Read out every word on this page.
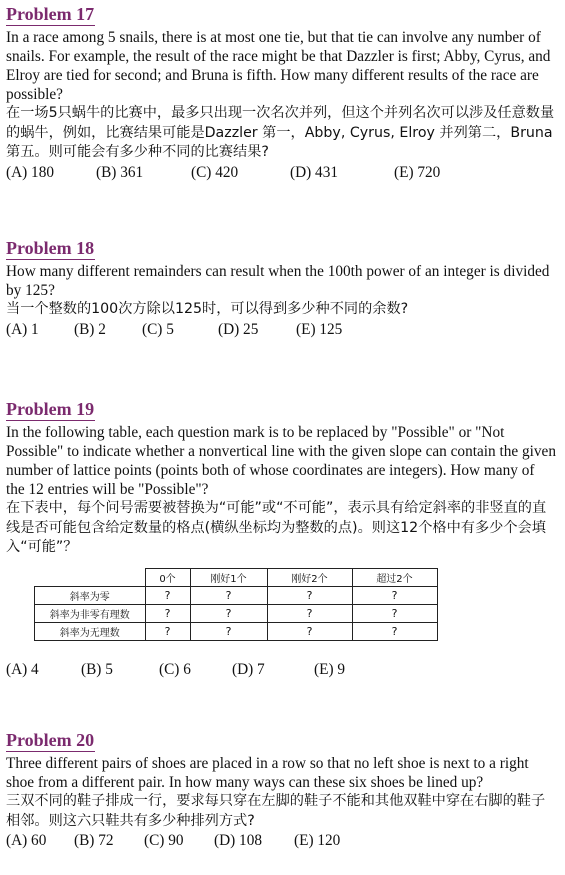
Problem 17

In a race among 5 snails, there is at most one tie, but that tie can involve any number of snails. For example, the result of the race might be that Dazzler is first; Abby, Cyrus, and Elroy are tied for second; and Bruna is fifth. How many different results of the race are possible?

在一场5只蜗牛的比赛中，最多只出现一次名次并列，但这个并列名次可以涉及任意数量的蜗牛，例如，比赛结果可能是Dazzler 第一，Abby, Cyrus, Elroy 并列第二，Bruna 第五。则可能会有多少种不同的比赛结果?

(A) 180	(B) 361	(C) 420	(D) 431	(E) 720
Problem 18

How many different remainders can result when the 100th power of an integer is divided by 125?

当一个整数的100次方除以125时，可以得到多少种不同的余数?

(A) 1 (B) 2 (C) 5	(D) 25 (E) 125
Problem 19

In the following table, each question mark is to be replaced by "Possible" or "Not Possible" to indicate whether a nonvertical line with the given slope can contain the given number of lattice points (points both of whose coordinates are integers). How many of the 12 entries will be "Possible"?

在下表中，每个问号需要被替换为“可能”或“不可能”，表示具有给定斜率的非竖直的直线是否可能包含给定数量的格点(横纵坐标均为整数的点)。则这12个格中有多少个会填入“可能”？

	0个	刚好1个	刚好2个	超过2个
斜率为零	?	?	?	?
斜率为非零有理数	?	?	?	?
斜率为无理数	?	?	?	?
(A) 4	(B) 5	(C) 6	(D) 7	(E) 9
Problem 20

Three different pairs of shoes are placed in a row so that no left shoe is next to a right shoe from a different pair. In how many ways can these six shoes be lined up?

三双不同的鞋子排成一行，要求每只穿在左脚的鞋子不能和其他双鞋中穿在右脚的鞋子相邻。则这六只鞋共有多少种排列方式?

(A) 60 (B) 72 (C) 90 (D) 108 (E) 120
